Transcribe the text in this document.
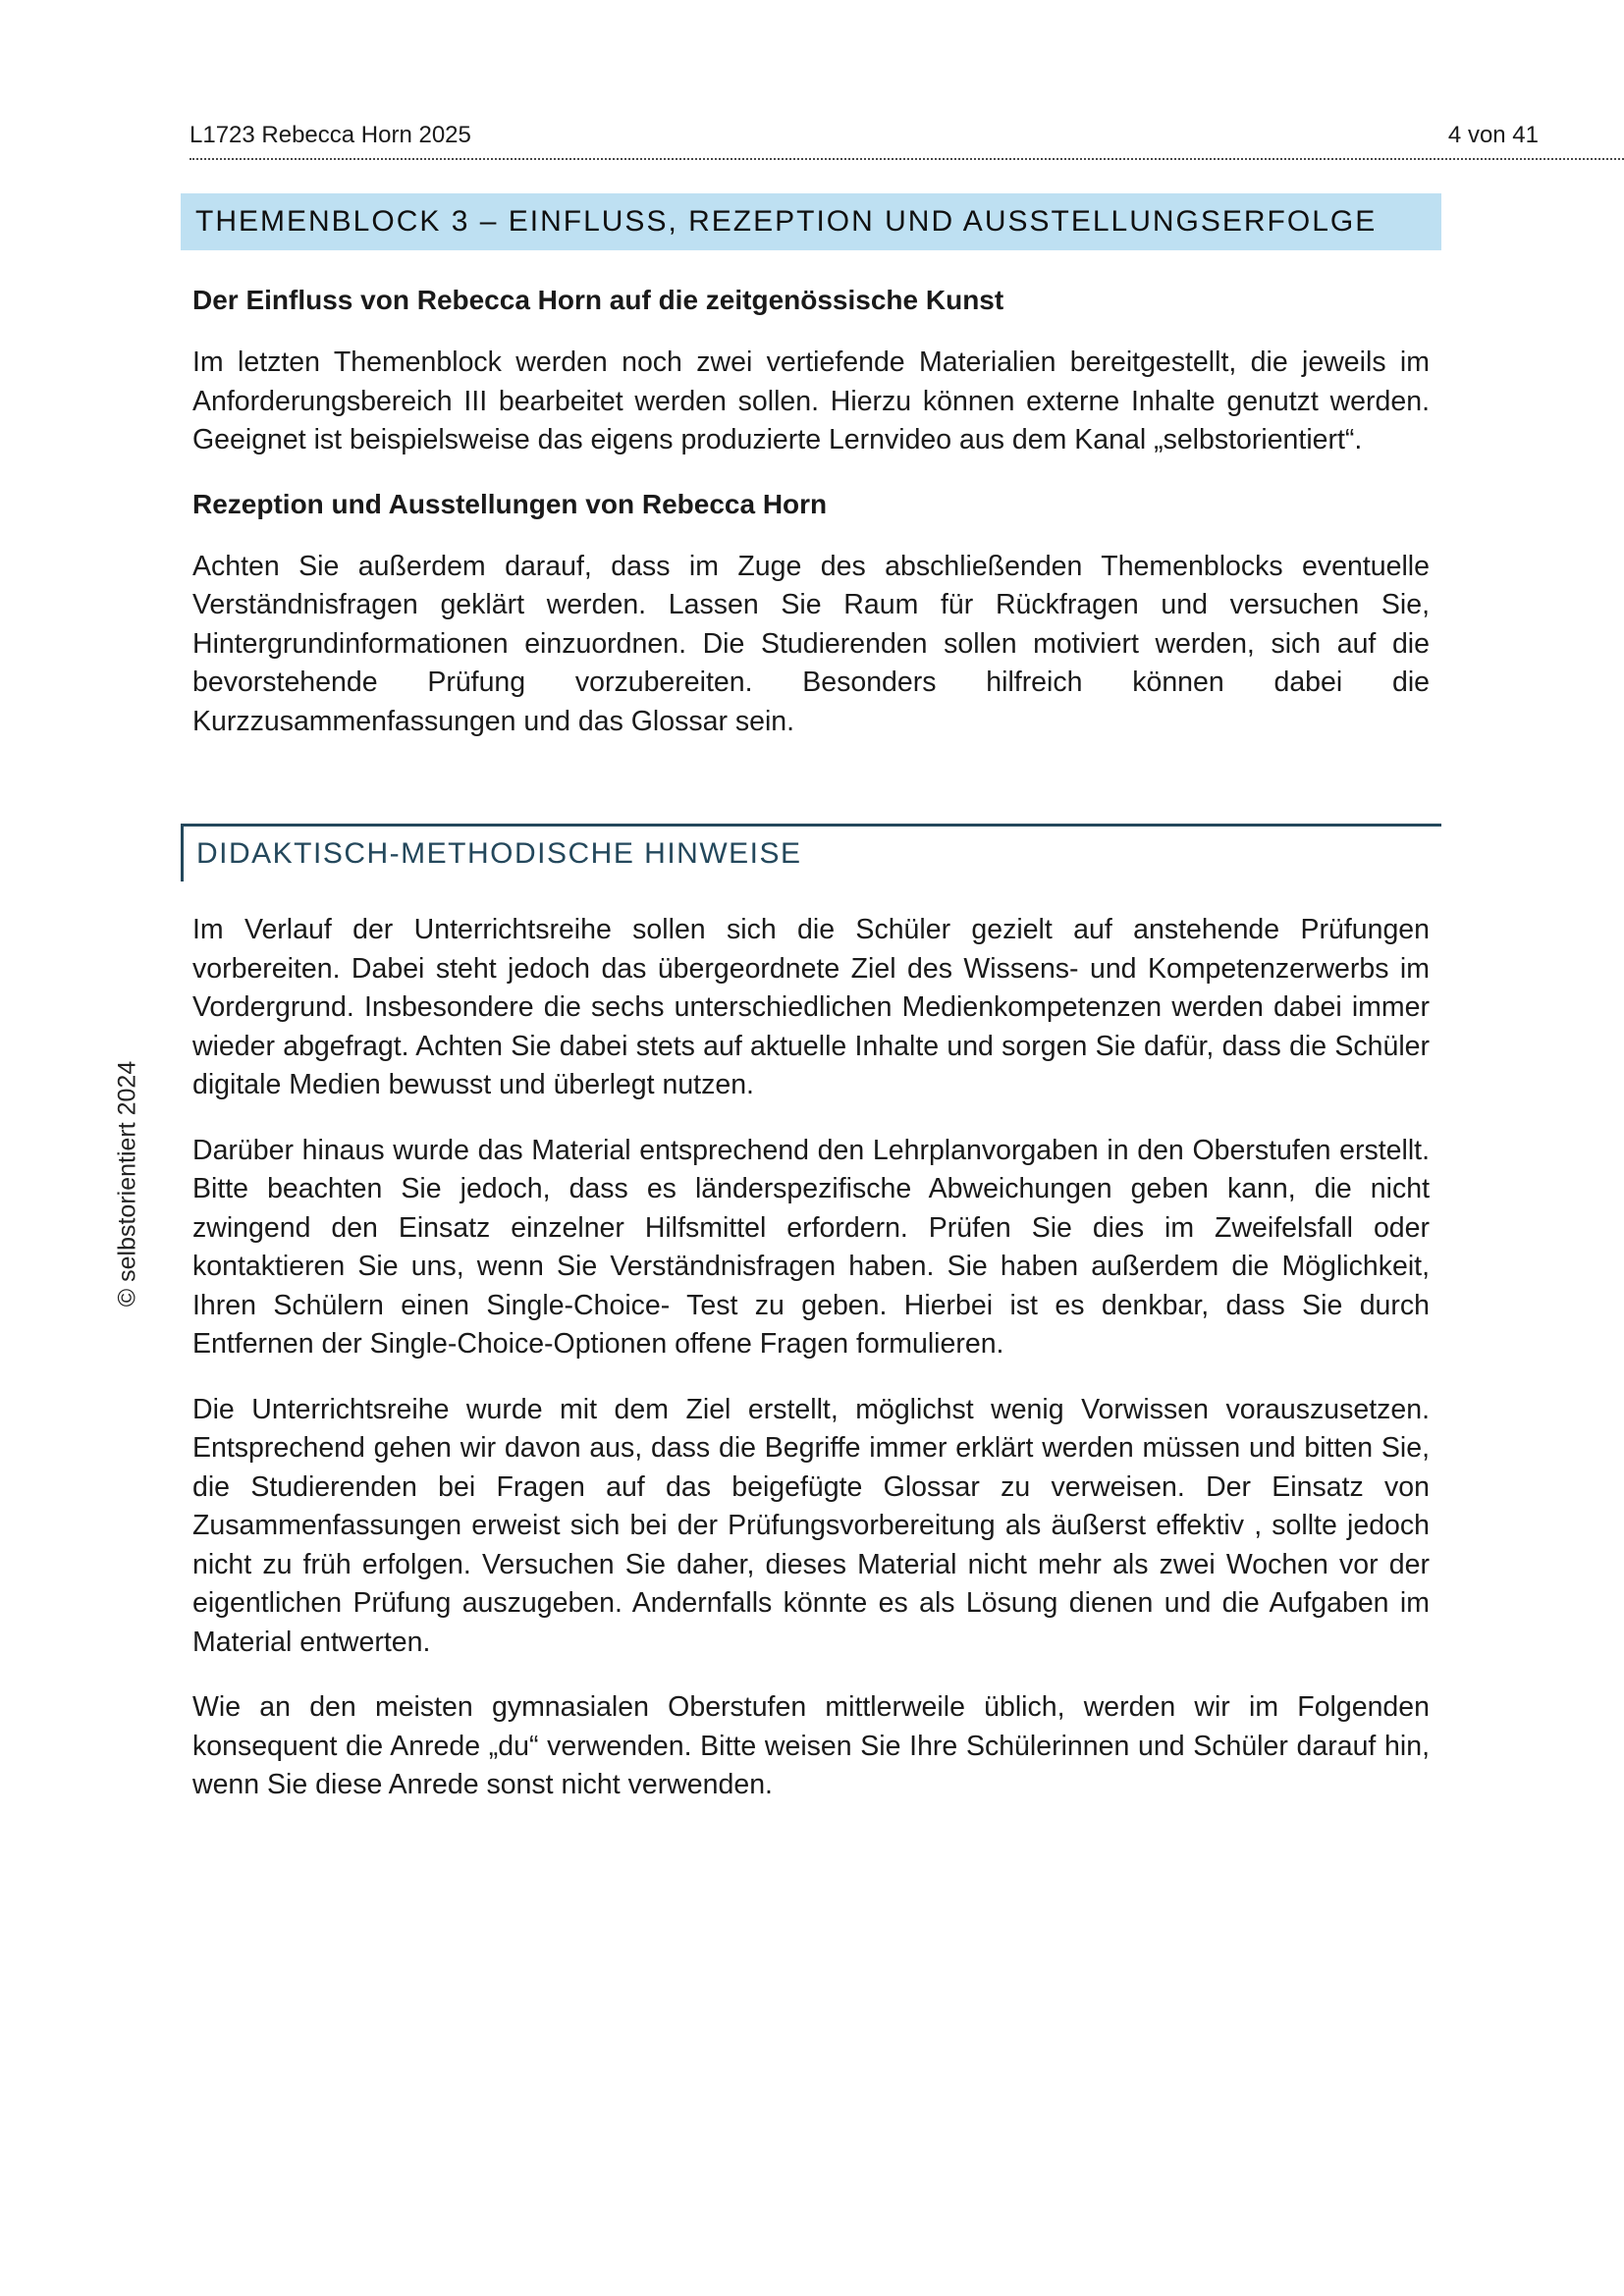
L1723 Rebecca Horn 2025	4 von 41
© selbstorientiert 2024
THEMENBLOCK 3 – EINFLUSS, REZEPTION UND AUSSTELLUNGSERFOLGE
Der Einfluss von Rebecca Horn auf die zeitgenössische Kunst

Im letzten Themenblock werden noch zwei vertiefende Materialien bereitgestellt, die jeweils im Anforderungsbereich III bearbeitet werden sollen. Hierzu können externe Inhalte genutzt werden. Geeignet ist beispielsweise das eigens produzierte Lernvideo aus dem Kanal „selbstorientiert“.

Rezeption und Ausstellungen von Rebecca Horn

Achten Sie außerdem darauf, dass im Zuge des abschließenden Themenblocks eventuelle Verständnisfragen geklärt werden. Lassen Sie Raum für Rückfragen und versuchen Sie, Hintergrundinformationen einzuordnen. Die Studierenden sollen motiviert werden, sich auf die bevorstehende Prüfung vorzubereiten. Besonders hilfreich können dabei die Kurzzusammenfassungen und das Glossar sein.

DIDAKTISCH-METHODISCHE HINWEISE

Im Verlauf der Unterrichtsreihe sollen sich die Schüler gezielt auf anstehende Prüfungen vorbereiten. Dabei steht jedoch das übergeordnete Ziel des Wissens- und Kompetenzerwerbs im Vordergrund. Insbesondere die sechs unterschiedlichen Medienkompetenzen werden dabei immer wieder abgefragt. Achten Sie dabei stets auf aktuelle Inhalte und sorgen Sie dafür, dass die Schüler digitale Medien bewusst und überlegt nutzen.

Darüber hinaus wurde das Material entsprechend den Lehrplanvorgaben in den Oberstufen erstellt. Bitte beachten Sie jedoch, dass es länderspezifische Abweichungen geben kann, die nicht zwingend den Einsatz einzelner Hilfsmittel erfordern. Prüfen Sie dies im Zweifelsfall oder kontaktieren Sie uns, wenn Sie Verständnisfragen haben. Sie haben außerdem die Möglichkeit, Ihren Schülern einen Single-Choice- Test zu geben. Hierbei ist es denkbar, dass Sie durch Entfernen der Single-Choice-Optionen offene Fragen formulieren.

Die Unterrichtsreihe wurde mit dem Ziel erstellt, möglichst wenig Vorwissen vorauszusetzen. Entsprechend gehen wir davon aus, dass die Begriffe immer erklärt werden müssen und bitten Sie, die Studierenden bei Fragen auf das beigefügte Glossar zu verweisen. Der Einsatz von Zusammenfassungen erweist sich bei der Prüfungsvorbereitung als äußerst effektiv , sollte jedoch nicht zu früh erfolgen. Versuchen Sie daher, dieses Material nicht mehr als zwei Wochen vor der eigentlichen Prüfung auszugeben. Andernfalls könnte es als Lösung dienen und die Aufgaben im Material entwerten.

Wie an den meisten gymnasialen Oberstufen mittlerweile üblich, werden wir im Folgenden konsequent die Anrede „du“ verwenden. Bitte weisen Sie Ihre Schülerinnen und Schüler darauf hin, wenn Sie diese Anrede sonst nicht verwenden.
